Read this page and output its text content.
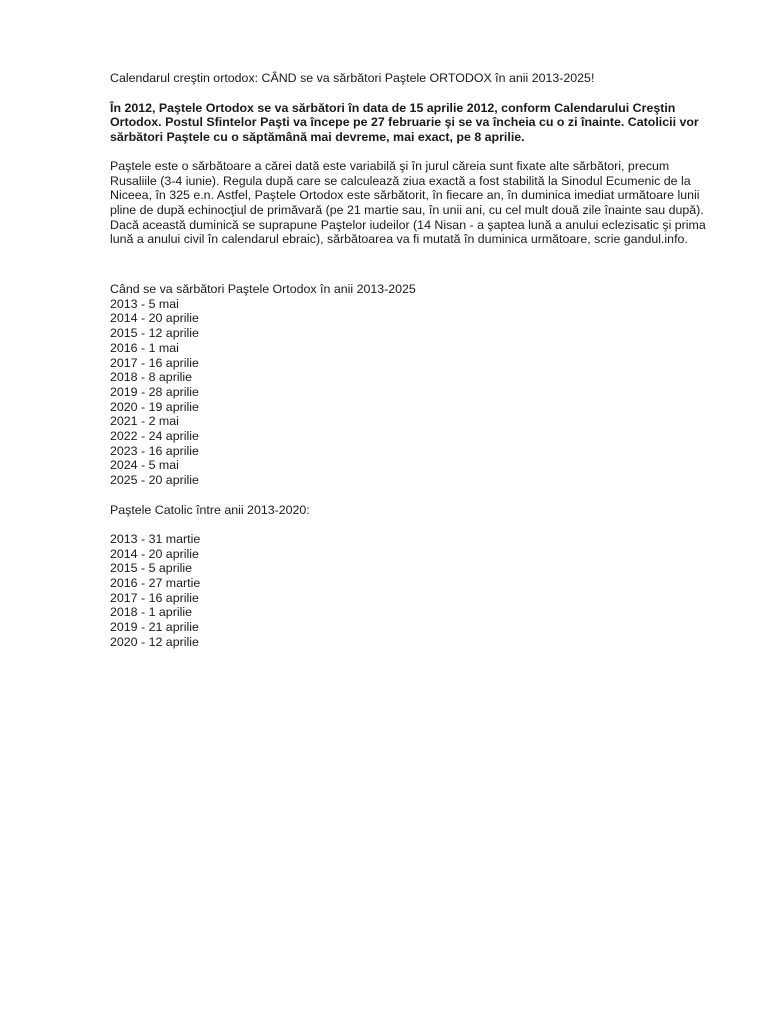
Calendarul creştin ortodox: CÂND se va sărbători Paştele ORTODOX în anii 2013-2025!

În 2012, Paştele Ortodox se va sărbători în data de 15 aprilie 2012, conform Calendarului Creştin Ortodox. Postul Sfintelor Paşti va începe pe 27 februarie şi se va încheia cu o zi înainte. Catolicii vor sărbători Paştele cu o săptămână mai devreme, mai exact, pe 8 aprilie.

Paştele este o sărbătoare a cărei dată este variabilă şi în jurul căreia sunt fixate alte sărbători, precum Rusaliile (3-4 iunie). Regula după care se calculează ziua exactă a fost stabilită la Sinodul Ecumenic de la Niceea, în 325 e.n. Astfel, Paştele Ortodox este sărbătorit, în fiecare an, în duminica imediat următoare lunii pline de după echinocţiul de primăvară (pe 21 martie sau, în unii ani, cu cel mult două zile înainte sau după). Dacă această duminică se suprapune Paştelor iudeilor (14 Nisan - a şaptea lună a anului eclezisatic şi prima lună a anului civil în calendarul ebraic), sărbătoarea va fi mutată în duminica următoare, scrie gandul.info.

Când se va sărbători Paştele Ortodox în anii 2013-2025

2013 - 5 mai
2014 - 20 aprilie
2015 - 12 aprilie
2016 - 1 mai
2017 - 16 aprilie
2018 - 8 aprilie
2019 - 28 aprilie
2020 - 19 aprilie
2021 - 2 mai
2022 - 24 aprilie
2023 - 16 aprilie
2024 - 5 mai
2025 - 20 aprilie

Paştele Catolic între anii 2013-2020:

2013 - 31 martie
2014 - 20 aprilie
2015 - 5 aprilie
2016 - 27 martie
2017 - 16 aprilie
2018 - 1 aprilie
2019 - 21 aprilie
2020 - 12 aprilie
